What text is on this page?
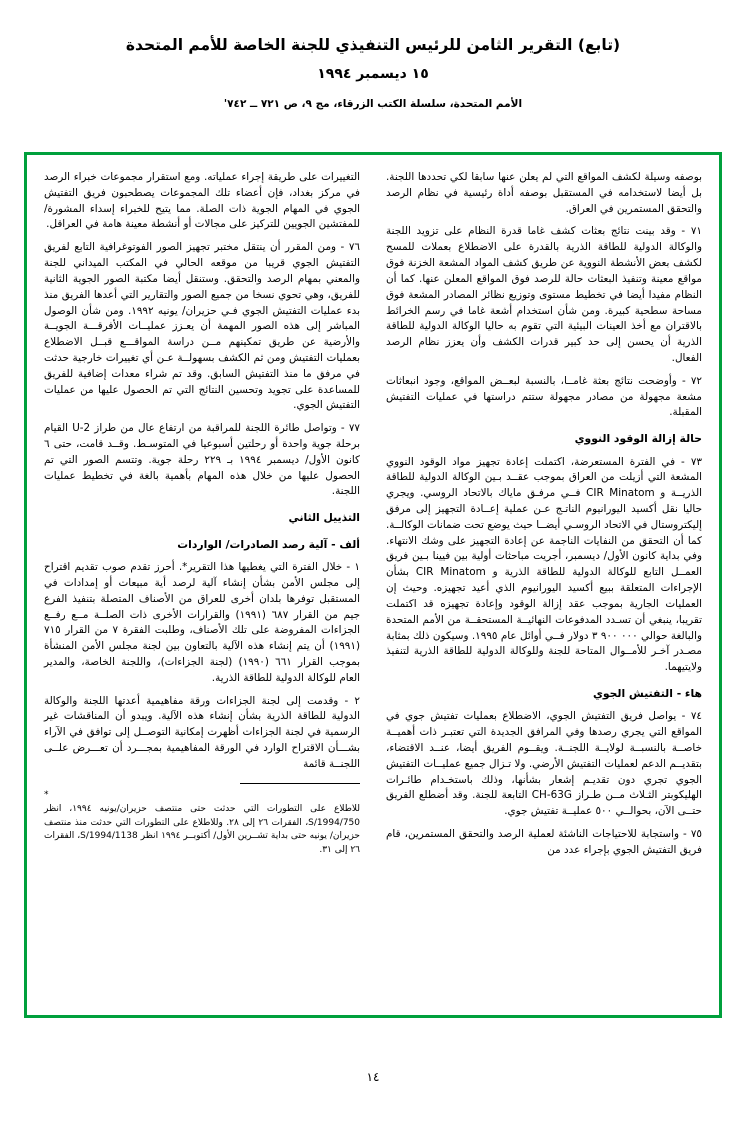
(تابع) التقرير الثامن للرئيس التنفيذي للجنة الخاصة للأمم المتحدة
١٥ ديسمبر ١٩٩٤
الأمم المتحدة، سلسلة الكتب الزرقاء، مج ٩، ص ٧٢١ ــ ٧٤٢'

بوصفه وسيلة لكشف المواقع التي لم يعلن عنها سابقا لكي تحددها اللجنة. بل أيضا لاستخدامه في المستقبل بوصفه أداة رئيسية في نظام الرصد والتحقق المستمرين في العراق.

٧١ - وقد بينت نتائج بعثات كشف غاما قدرة النظام على تزويد اللجنة والوكالة الدولية للطاقة الذرية بالقدرة على الاضطلاع بعملات للمسح لكشف بعض الأنشطة النووية عن طريق كشف المواد المشعة الخزنة فوق مواقع معينة وتنفيذ البعثات حالة للرصد فوق المواقع المعلن عنها. كما أن النظام مفيدا أيضا في تخطيط مستوى وتوزيع نظائر المصادر المشعة فوق مساحة سطحية كبيرة. ومن شأن استخدام أشعة غاما في رسم الخرائط بالاقتران مع أخذ العينات البيئية التي تقوم به حاليا الوكالة الدولية للطاقة الذرية أن يحسن إلى حد كبير قدرات الكشف وأن يعزز نظام الرصد الفعال.

٧٢ - وأوضحت نتائج بعثة غامــا، بالنسبة لبعــض المواقع، وجود انبعاثات مشعة مجهولة من مصادر مجهولة ستتم دراستها في عمليات التفتيش المقبلة.

حالة إزالة الوقود النووي

٧٣ - في الفترة المستعرضة، اكتملت إعادة تجهيز مواد الوقود النووي المشعة التي أزيلت من العراق بموجب عقــد بـين الوكالة الدولية للطاقة الذريــة و CIR Minatom فــي مرفـق ماياك بالاتحاد الروسي. ويجري حاليا نقل أكسيد اليورانيوم الناتـج عـن عملية إعــادة التجهيز إلى مرفق إليكتروستال في الاتحاد الروسـي أيضــا حيث يوضع تحت ضمانات الوكالــة. كما أن التحقق من النفايات الناجمة عن إعادة التجهيز على وشك الانتهاء. وفي بداية كانون الأول/ ديسمبر، أجريت مباحثات أولية بين فيينا بـين فريق العمــل التابع للوكالة الدولية للطاقة الذرية و CIR Minatom بشأن الإجراءات المتعلقة ببيع أكسيد اليورانيوم الذي أعيد تجهيزه. وحيث إن العمليات الجارية بموجب عقد إزالة الوقود وإعادة تجهيزه قد اكتملت تقريبا، ينبغي أن تسـدد المدفوعات النهائيــة المستحقــة من الأمم المتحدة والبالغة حوالي ٠٠٠ ٩٠٠ ٣ دولار فــي أوائل عام ١٩٩٥. وسيكون ذلك بمثابة مصـدر آخـر للأمــوال المتاحة للجنة وللوكالة الدولية للطاقة الذرية لتنفيذ ولايتيهما.

هاء - التفتيش الجوي

٧٤ - يواصل فريق التفتيش الجوي، الاضطلاع بعمليات تفتيش جوي في المواقع التي يجري رصدها وفي المرافق الجديدة التي تعتبـر ذات أهميــة خاصــة بالنسبــة لولايــة اللجنــة. ويقــوم الفريق أيضا، عنــد الاقتضاء، بتقديــم الدعم لعمليات التفتيش الأرضي. ولا تـزال جميع عمليــات التفتيش الجوي تجري دون تقديـم إشعار بشأنها، وذلك باستخـدام طائـرات الهليكوبتر الثـلاث مــن طـراز CH-63G التابعة للجنة. وقد أضطلع الفريق حتــى الآن، بحوالــي ٥٠٠ عمليــة تفتيش جوي.

٧٥ - واستجابة للاحتياجات الناشئة لعملية الرصد والتحقق المستمرين، قام فريق التفتيش الجوي بإجراء عدد من

التغييرات على طريقة إجراء عملياته. ومع استقرار مجموعات خبراء الرصد في مركز بغداد، فإن أعضاء تلك المجموعات يصطحبون فريق التفتيش الجوي في المهام الجوية ذات الصلة. مما يتيح للخبراء إسداء المشورة/للمفتشين الجويين للتركيز على مجالات أو أنشطة معينة هامة في العراقل.

٧٦ - ومن المقرر أن ينتقل مختبر تجهيز الصور الفوتوغرافية التابع لفريق التفتيش الجوي قريبا من موقعه الحالي في المكتب الميداني للجنة والمعني بمهام الرصد والتحقق. وستنقل أيضا مكتبة الصور الجوية الثانية للفريق، وهي تحوي نسخا من جميع الصور والتقارير التي أعدها الفريق منذ بدء عمليات التفتيش الجوي فـي حزيران/ يونيه ١٩٩٢. ومن شأن الوصول المباشر إلى هذه الصور المهمة أن يعـزز عمليــات الأفرقـــة الجويــة والأرضية عن طريق تمكينهم مــن دراسة المواقـــع قبــل الاضطلاع بعمليات التفتيش ومن ثم الكشف بسهولــة عـن أي تغييرات خارجية حدثت في مرفق ما منذ التفتيش السابق. وقد تم شراء معدات إضافية للفريق للمساعدة على تجويد وتحسين النتائج التي تم الحصول عليها من عمليات التفتيش الجوي.

٧٧ - وتواصل طائرة اللجنة للمراقبة من ارتفاع عال من طراز U-2 القيام برحلة جوية واحدة أو رحلتين أسبوعيا في المتوسـط. وقــد قامت، حتى ٦ كانون الأول/ ديسمبر ١٩٩٤ بـ ٢٢٩ رحلة جوية. وتتسم الصور التي تم الحصول عليها من خلال هذه المهام بأهمية بالغة في تخطيط عمليات اللجنة.

التذييل الثاني
ألف - آلية رصد الصادرات/ الواردات

١ - خلال الفترة التي يغطيها هذا التقرير*. أحرز تقدم صوب تقديم اقتراح إلى مجلس الأمن بشأن إنشاء آلية لرصد أية مبيعات أو إمدادات في المستقبل توفرها بلدان أخرى للعراق من الأصناف المتصلة بتنفيذ الفرع جيم من القرار ٦٨٧ (١٩٩١) والقرارات الأخرى ذات الصلــة مــع رفــع الجزاءات المفروضة على تلك الأصناف، وطلبت الفقرة ٧ من القرار ٧١٥ (١٩٩١) أن يتم إنشاء هذه الآلية بالتعاون بين لجنة مجلس الأمن المنشأة بموجب القرار ٦٦١ (١٩٩٠) (لجنة الجزاءات)، واللجنة الخاصة، والمدير العام للوكالة الدولية للطاقة الذرية.

٢ - وقدمت إلى لجنة الجزاءات ورقة مفاهيمية أعدتها اللجنة والوكالة الدولية للطاقة الذرية بشأن إنشاء هذه الآلية. ويبدو أن المناقشات غير الرسمية في لجنة الجزاءات أظهرت إمكانية التوصــل إلى توافق في الآراء بشـــأن الاقتراح الوارد في الورقة المفاهيمية بمجـــرد أن تعـــرض علــى اللجنــة قائمة

*
للاطلاع على التطورات التي حدثت حتى منتصف حزيران/يونيه ١٩٩٤، انظر S/1994/750، الفقرات ٢٦ إلى ٢٨. وللاطلاع على التطورات التي حدثت منذ منتصف حزيران/ يونيه حتى بداية تشــرين الأول/ أكتوبــر ١٩٩٤ انظر S/1994/1138، الفقرات ٢٦ إلى ٣١.
١٤
